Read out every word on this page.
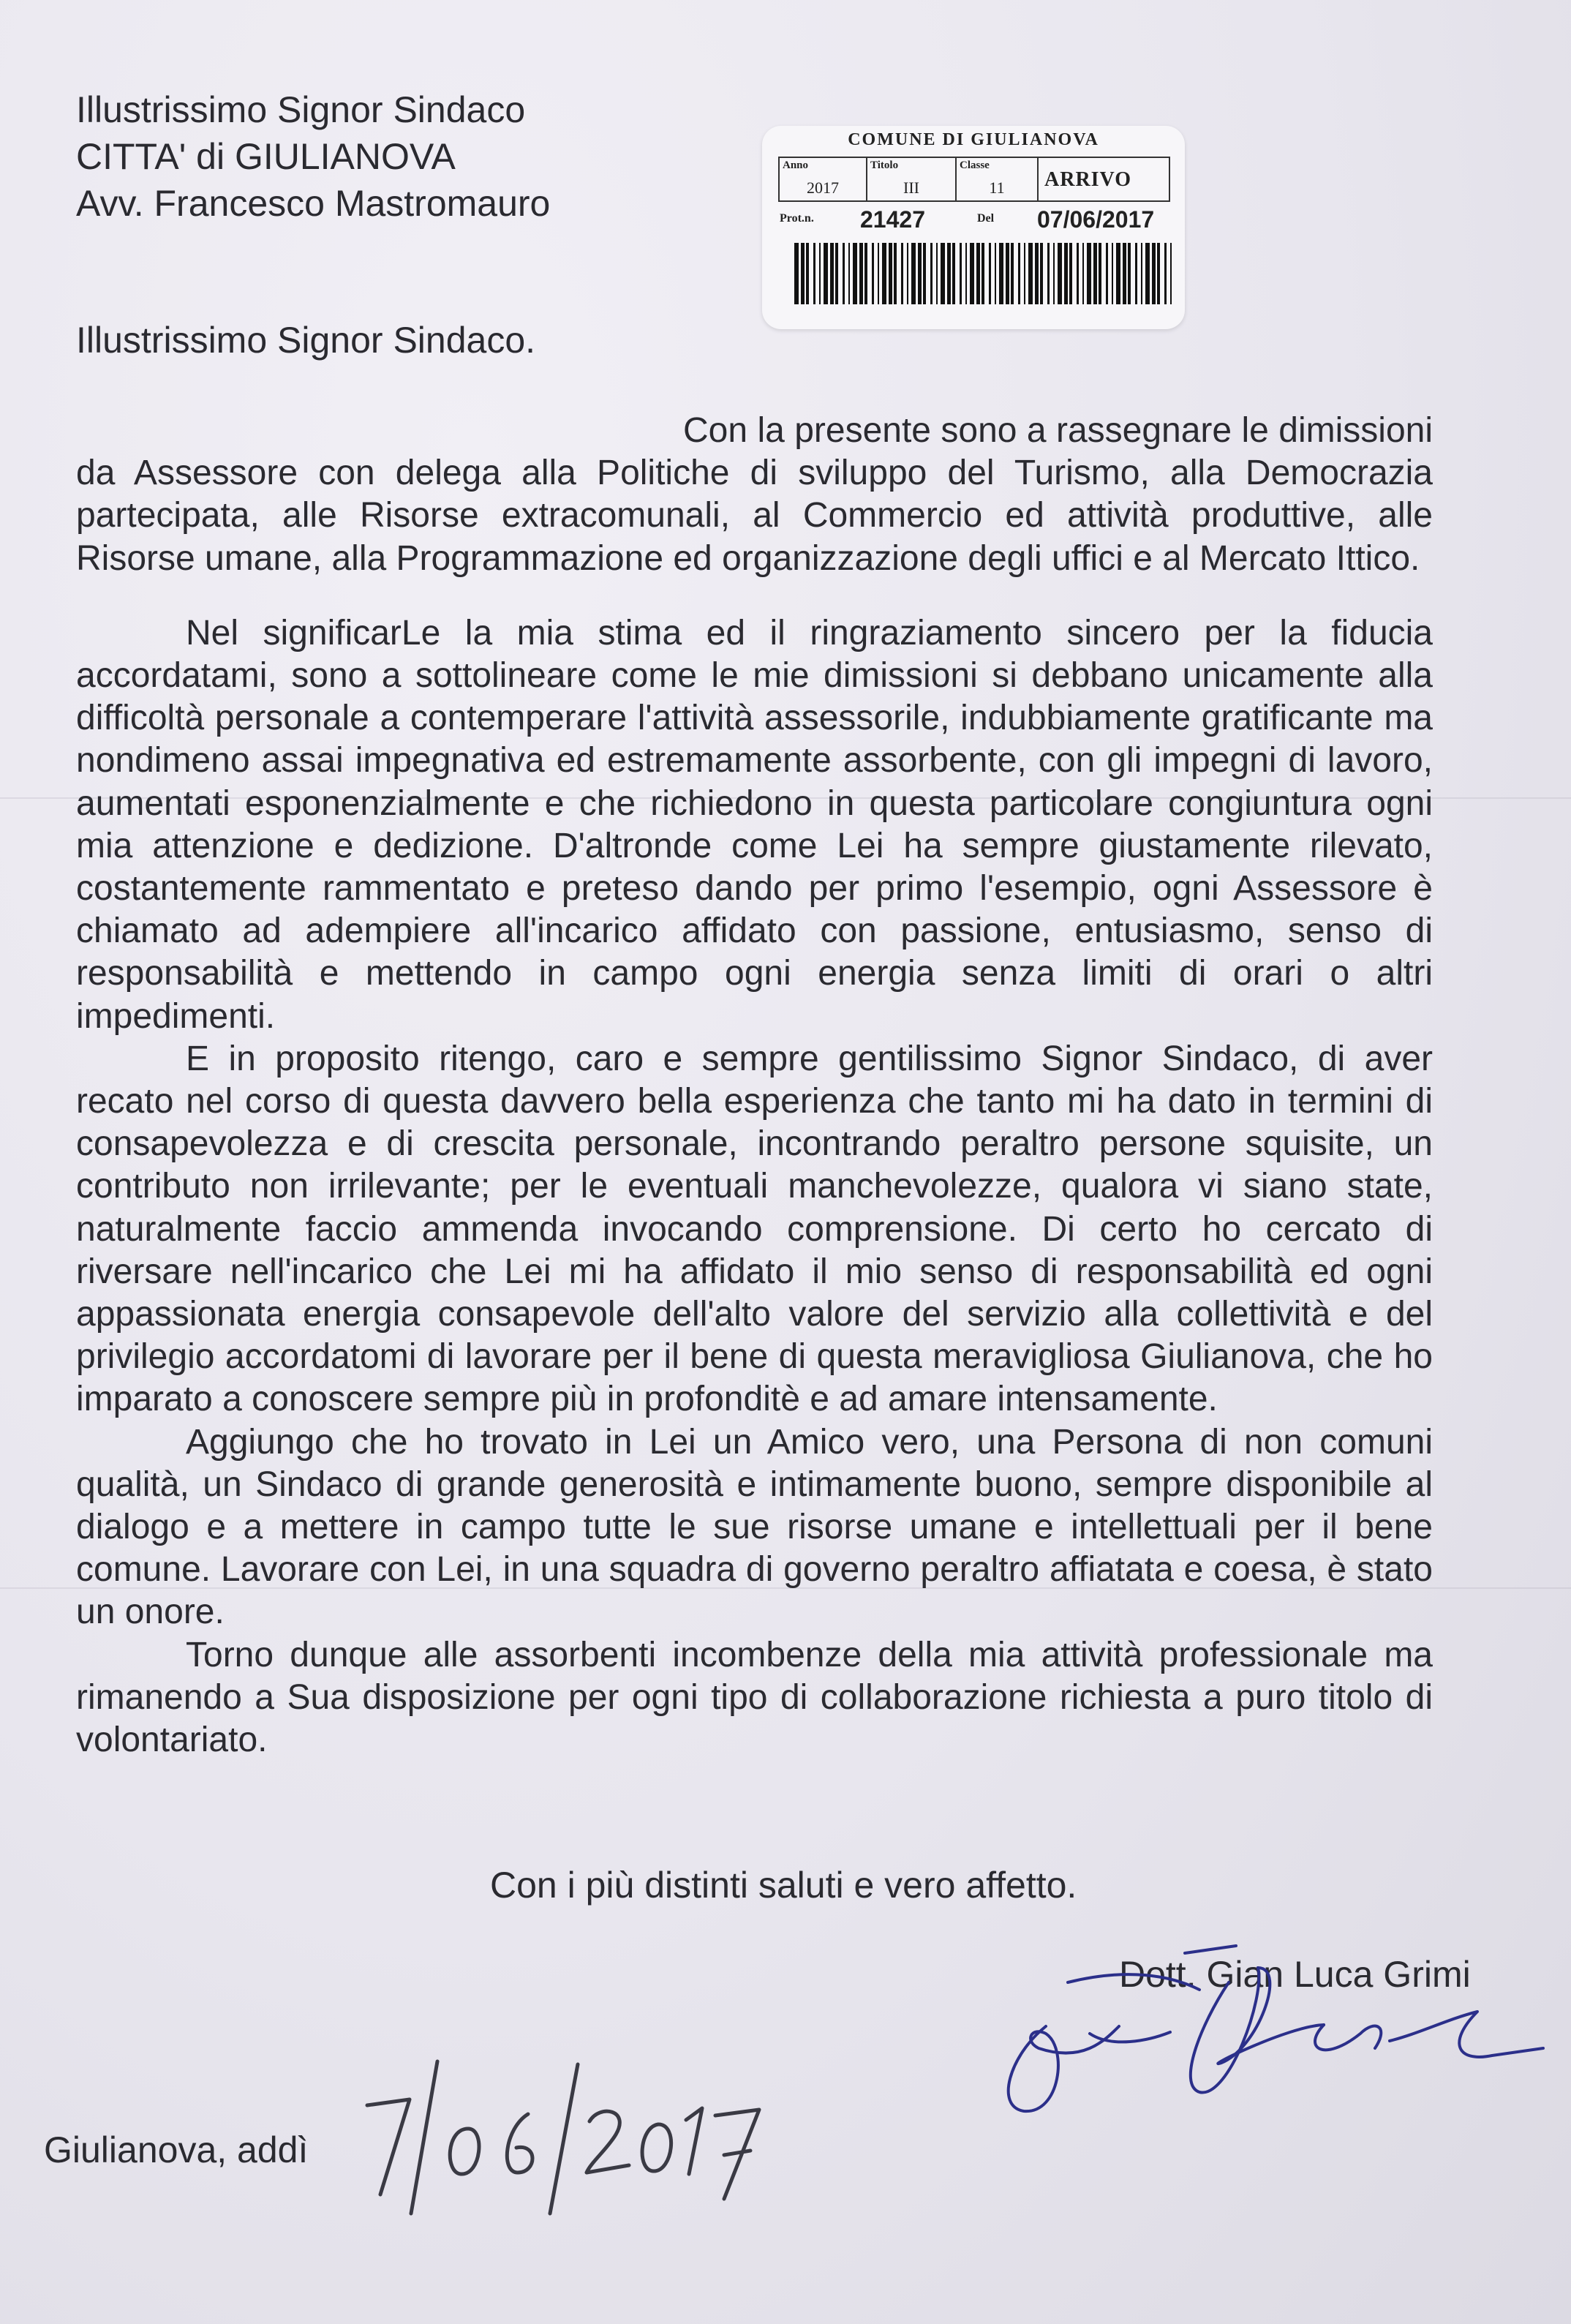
Illustrissimo Signor Sindaco
CITTA' di GIULIANOVA
Avv. Francesco Mastromauro
COMUNE DI GIULIANOVA
Anno
2017
Titolo
III
Classe
11	ARRIVO
Prot.n. 21427	Del 07/06/2017
Illustrissimo Signor Sindaco.

Con la presente sono a rassegnare le dimissioni da Assessore con delega alla Politiche di sviluppo del Turismo, alla Democrazia partecipata, alle Risorse extracomunali, al Commercio ed attività produttive, alle Risorse umane, alla Programmazione ed organizzazione degli uffici e al Mercato Ittico.

Nel significarLe la mia stima ed il ringraziamento sincero per la fiducia accordatami, sono a sottolineare come le mie dimissioni si debbano unicamente alla difficoltà personale a contemperare l'attività assessorile, indubbiamente gratificante ma nondimeno assai impegnativa ed estremamente assorbente, con gli impegni di lavoro, aumentati esponenzialmente e che richiedono in questa particolare congiuntura ogni mia attenzione e dedizione. D'altronde come Lei ha sempre giustamente rilevato, costantemente rammentato e preteso dando per primo l'esempio, ogni Assessore è chiamato ad adempiere all'incarico affidato con passione, entusiasmo, senso di responsabilità e mettendo in campo ogni energia senza limiti di orari o altri impedimenti.

E in proposito ritengo, caro e sempre gentilissimo Signor Sindaco, di aver recato nel corso di questa davvero bella esperienza che tanto mi ha dato in termini di consapevolezza e di crescita personale, incontrando peraltro persone squisite, un contributo non irrilevante; per le eventuali manchevolezze, qualora vi siano state, naturalmente faccio ammenda invocando comprensione. Di certo ho cercato di riversare nell'incarico che Lei mi ha affidato il mio senso di responsabilità ed ogni appassionata energia consapevole dell'alto valore del servizio alla collettività e del privilegio accordatomi di lavorare per il bene di questa meravigliosa Giulianova, che ho imparato a conoscere sempre più in profonditè e ad amare intensamente.

Aggiungo che ho trovato in Lei un Amico vero, una Persona di non comuni qualità, un Sindaco di grande generosità e intimamente buono, sempre disponibile al dialogo e a mettere in campo tutte le sue risorse umane e intellettuali per il bene comune. Lavorare con Lei, in una squadra di governo peraltro affiatata e coesa, è stato un onore.

Torno dunque alle assorbenti incombenze della mia attività professionale ma rimanendo a Sua disposizione per ogni tipo di collaborazione richiesta a puro titolo di volontariato.

Con i più distinti saluti e vero affetto.
Dott. Gian Luca Grimi
Giulianova, addì
